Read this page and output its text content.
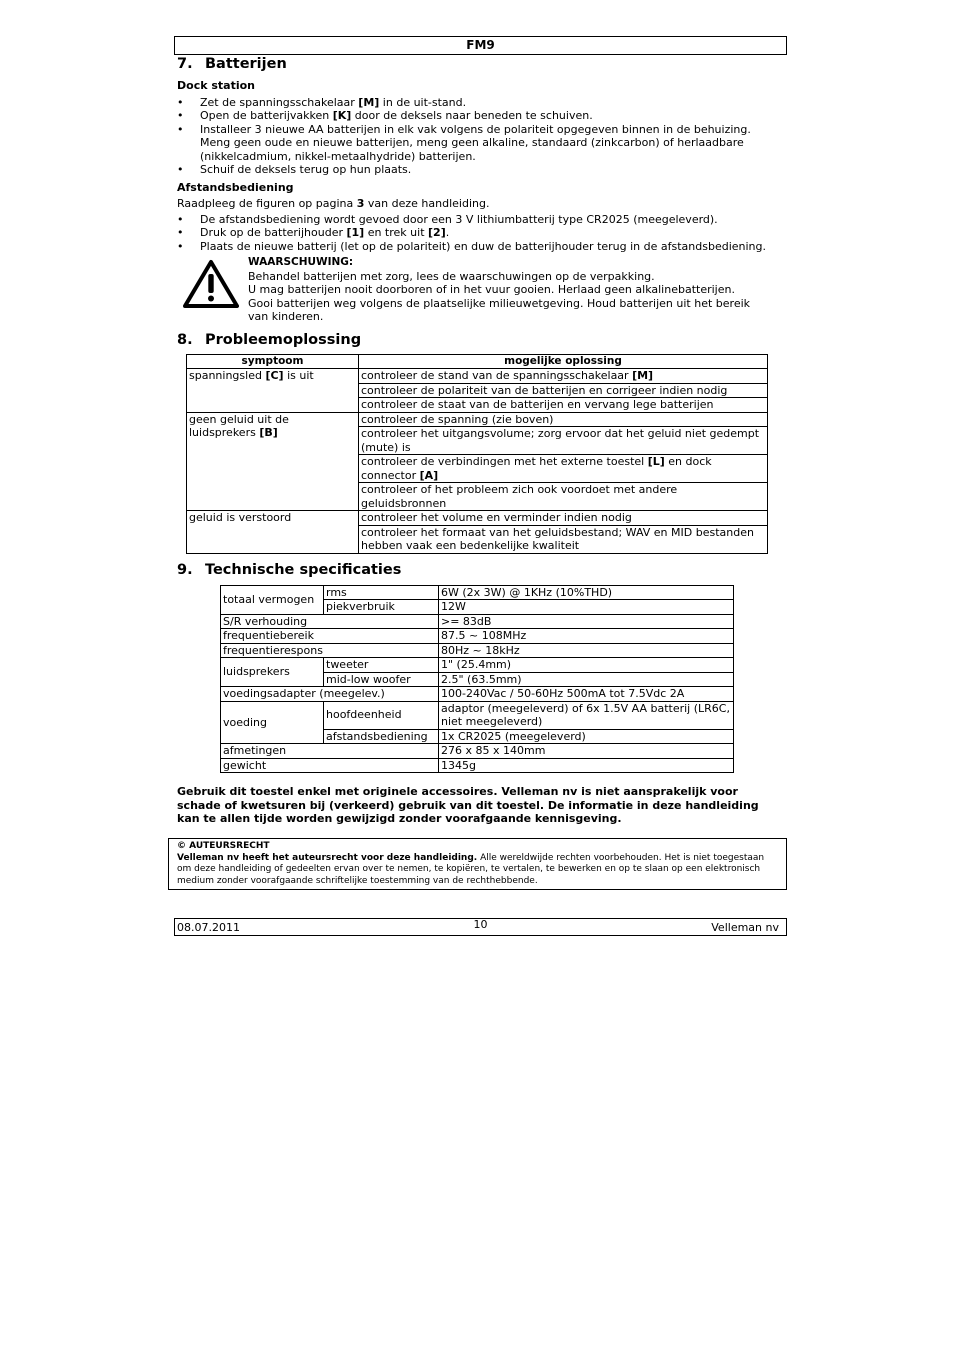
FM9
7. Batterijen
Dock station
• Zet de spanningsschakelaar [M] in de uit-stand.
• Open de batterijvakken [K] door de deksels naar beneden te schuiven.
• Installeer 3 nieuwe AA batterijen in elk vak volgens de polariteit opgegeven binnen in de behuizing. Meng geen oude en nieuwe batterijen, meng geen alkaline, standaard (zinkcarbon) of herlaadbare (nikkelcadmium, nikkel-metaalhydride) batterijen.
• Schuif de deksels terug op hun plaats.
Afstandsbediening

Raadpleeg de figuren op pagina 3 van deze handleiding.

• De afstandsbediening wordt gevoed door een 3 V lithiumbatterij type CR2025 (meegeleverd).
• Druk op de batterijhouder [1] en trek uit [2].
• Plaats de nieuwe batterij (let op de polariteit) en duw de batterijhouder terug in de afstandsbediening.
WAARSCHUWING:
Behandel batterijen met zorg, lees de waarschuwingen op de verpakking.
U mag batterijen nooit doorboren of in het vuur gooien. Herlaad geen alkalinebatterijen.
Gooi batterijen weg volgens de plaatselijke milieuwetgeving. Houd batterijen uit het bereik van kinderen.
8. Probleemoplossing
symptoom	mogelijke oplossing
spanningsled [C] is uit	controleer de stand van de spanningsschakelaar [M]
	controleer de polariteit van de batterijen en corrigeer indien nodig
	controleer de staat van de batterijen en vervang lege batterijen
geen geluid uit de luidsprekers [B]	controleer de spanning (zie boven)
	controleer het uitgangsvolume; zorg ervoor dat het geluid niet gedempt (mute) is
	controleer de verbindingen met het externe toestel [L] en dock connector [A]
	controleer of het probleem zich ook voordoet met andere geluidsbronnen
geluid is verstoord	controleer het volume en verminder indien nodig
	controleer het formaat van het geluidsbestand; WAV en MID bestanden hebben vaak een bedenkelijke kwaliteit
9. Technische specificaties
totaal vermogen	rms	6W (2x 3W) @ 1KHz (10%THD)
	piekverbruik	12W
S/R verhouding		>= 83dB
frequentiebereik		87.5 ~ 108MHz
frequentierespons		80Hz ~ 18kHz
luidsprekers	tweeter	1" (25.4mm)
	mid-low woofer	2.5" (63.5mm)
voedingsadapter (meegelev.)		100-240Vac / 50-60Hz 500mA tot 7.5Vdc 2A
voeding	hoofdeenheid	adaptor (meegeleverd) of 6x 1.5V AA batterij (LR6C, niet meegeleverd)
	afstandsbediening	1x CR2025 (meegeleverd)
afmetingen		276 x 85 x 140mm
gewicht		1345g

Gebruik dit toestel enkel met originele accessoires. Velleman nv is niet aansprakelijk voor schade of kwetsuren bij (verkeerd) gebruik van dit toestel. De informatie in deze handleiding kan te allen tijde worden gewijzigd zonder voorafgaande kennisgeving.

© AUTEURSRECHT
Velleman nv heeft het auteursrecht voor deze handleiding. Alle wereldwijde rechten voorbehouden. Het is niet toegestaan om deze handleiding of gedeelten ervan over te nemen, te kopiëren, te vertalen, te bewerken en op te slaan op een elektronisch medium zonder voorafgaande schriftelijke toestemming van de rechthebbende.
08.07.2011	10	Velleman nv
